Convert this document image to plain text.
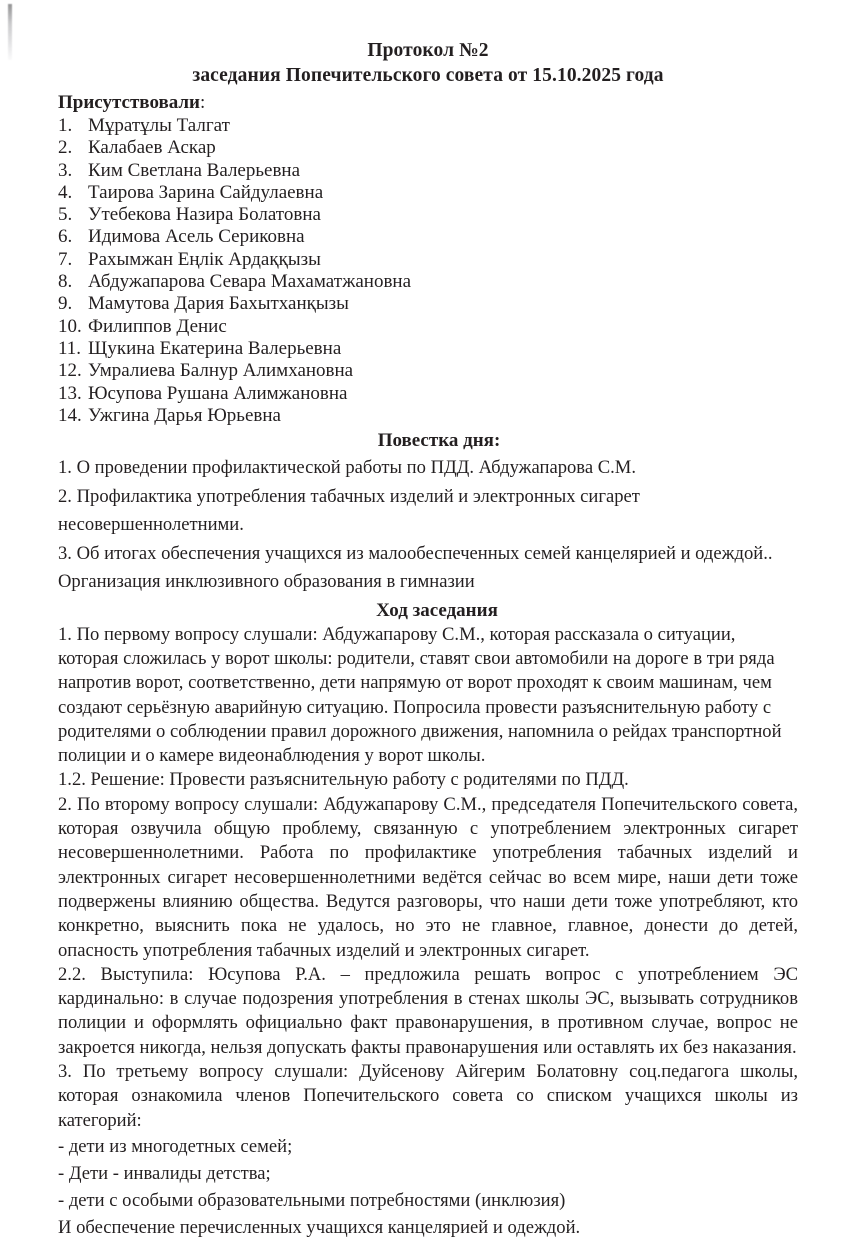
Протокол №2
заседания Попечительского совета от 15.10.2025 года
Присутствовали:
1. Мұратұлы Талгат
2. Калабаев Аскар
3. Ким Светлана Валерьевна
4. Таирова Зарина Сайдулаевна
5. Утебекова Назира Болатовна
6. Идимова Асель Сериковна
7. Рахымжан Еңлік Ардаққызы
8. Абдужапарова Севара Махаматжановна
9. Мамутова Дария Бахытханқызы
10. Филиппов Денис
11. Щукина Екатерина Валерьевна
12. Умралиева Балнур Алимхановна
13. Юсупова Рушана Алимжановна
14. Ужгина Дарья Юрьевна
Повестка дня:

1. О проведении профилактической работы по ПДД. Абдужапарова С.М.

2. Профилактика употребления табачных изделий и электронных сигарет несовершеннолетними.

3. Об итогах обеспечения учащихся из малообеспеченных семей канцелярией и одеждой.. Организация инклюзивного образования в гимназии

Ход заседания

1. По первому вопросу слушали: Абдужапарову С.М., которая рассказала о ситуации, которая сложилась у ворот школы: родители, ставят свои автомобили на дороге в три ряда напротив ворот, соответственно, дети напрямую от ворот проходят к своим машинам, чем создают серьёзную аварийную ситуацию. Попросила провести разъяснительную работу с родителями о соблюдении правил дорожного движения, напомнила о рейдах транспортной полиции и о камере видеонаблюдения у ворот школы.

1.2. Решение: Провести разъяснительную работу с родителями по ПДД.

2. По второму вопросу слушали: Абдужапарову С.М., председателя Попечительского совета, которая озвучила общую проблему, связанную с употреблением электронных сигарет несовершеннолетними. Работа по профилактике употребления табачных изделий и электронных сигарет несовершеннолетними ведётся сейчас во всем мире, наши дети тоже подвержены влиянию общества. Ведутся разговоры, что наши дети тоже употребляют, кто конкретно, выяснить пока не удалось, но это не главное, главное, донести до детей, опасность употребления табачных изделий и электронных сигарет.

2.2. Выступила: Юсупова Р.А. – предложила решать вопрос с употреблением ЭС кардинально: в случае подозрения употребления в стенах школы ЭС, вызывать сотрудников полиции и оформлять официально факт правонарушения, в противном случае, вопрос не закроется никогда, нельзя допускать факты правонарушения или оставлять их без наказания.

3. По третьему вопросу слушали: Дуйсенову Айгерим Болатовну соц.педагога школы, которая ознакомила членов Попечительского совета со списком учащихся школы из категорий:

- дети из многодетных семей;

- Дети - инвалиды детства;

- дети с особыми образовательными потребностями (инклюзия)

И обеспечение перечисленных учащихся канцелярией и одеждой.
